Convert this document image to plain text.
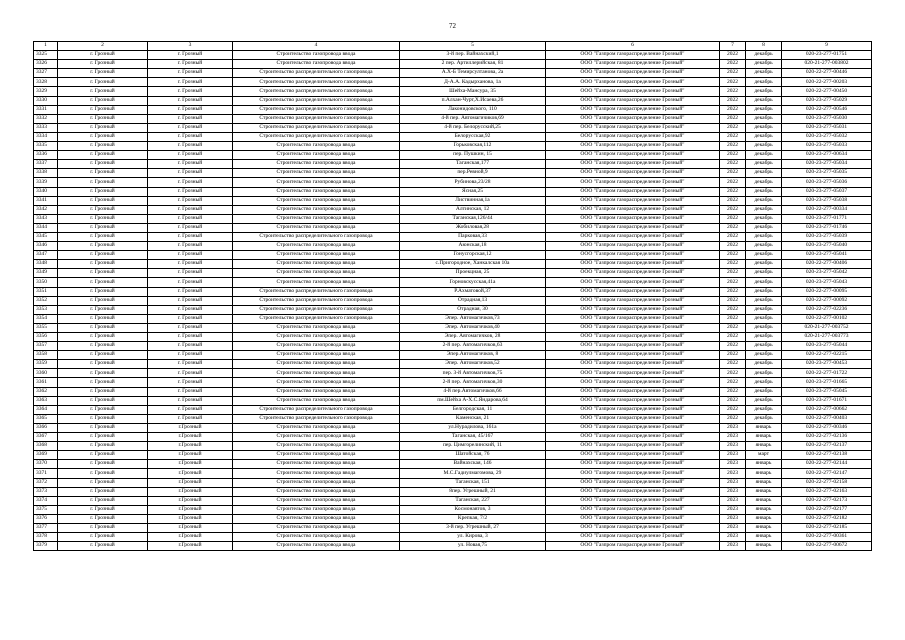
72
1	2	3	4	5	6	7	8	9
3325	г. Грозный	г. Грозный	Строительство газопровода ввода	3-й пер. Вайнахский,1	ООО "Газпром газораспределение Грозный"	2022	декабрь	020-23-277-01751
3326	г. Грозный	г. Грозный	Строительство газопровода ввода	2 пер. Артиллерийская, 81	ООО "Газпром газораспределение Грозный"	2022	декабрь	020-21-277-003802
3327	г. Грозный	г. Грозный	Строительство распределительного газопровода	А.Х-Б Темирсултанова, 2а	ООО "Газпром газораспределение Грозный"	2022	декабрь	020-22-277-00446
3328	г. Грозный	г. Грозный	Строительство распределительного газопровода	Д-А.А. Кадырханова, 1а	ООО "Газпром газораспределение Грозный"	2022	декабрь	020-22-277-00203
3329	г. Грозный	г. Грозный	Строительство распределительного газопровода	Шейха-Мансура, 35	ООО "Газпром газораспределение Грозный"	2022	декабрь	020-22-277-00450
3330	г. Грозный	г. Грозный	Строительство распределительного газопровода	п.Алхан-Чурт,Х.Исаева,26	ООО "Газпром газораспределение Грозный"	2022	декабрь	020-23-277-05029
3331	г. Грозный	г. Грозный	Строительство распределительного газопровода	Лаконидовского, 110	ООО "Газпром газораспределение Грозный"	2022	декабрь	020-22-277-00546
3332	г. Грозный	г. Грозный	Строительство распределительного газопровода	4-й пер. Автомагичиков,69	ООО "Газпром газораспределение Грозный"	2022	декабрь	020-23-277-05030
3333	г. Грозный	г. Грозный	Строительство распределительного газопровода	4-й пер. Белорусский,25	ООО "Газпром газораспределение Грозный"	2022	декабрь	020-23-277-05031
3334	г. Грозный	г. Грозный	Строительство распределительного газопровода	Белорусская,92	ООО "Газпром газораспределение Грозный"	2022	декабрь	020-23-277-05032
3335	г. Грозный	г. Грозный	Строительство газопровода ввода	Горьковская,112	ООО "Газпром газораспределение Грозный"	2022	декабрь	020-23-277-05033
3336	г. Грозный	г. Грозный	Строительство газопровода ввода	пер. Пушкин, 15	ООО "Газпром газораспределение Грозный"	2022	декабрь	020-23-277-00634
3337	г. Грозный	г. Грозный	Строительство газопровода ввода	Таганская,177	ООО "Газпром газораспределение Грозный"	2022	декабрь	020-23-277-05034
3338	г. Грозный	г. Грозный	Строительство газопровода ввода	пер.Ревной,9	ООО "Газпром газораспределение Грозный"	2022	декабрь	020-23-277-05035
3339	г. Грозный	г. Грозный	Строительство газопровода ввода	Рубинова,23/28	ООО "Газпром газораспределение Грозный"	2022	декабрь	020-23-277-05036
3340	г. Грозный	г. Грозный	Строительство газопровода ввода	Ясная,25	ООО "Газпром газораспределение Грозный"	2022	декабрь	020-23-277-05037
3341	г. Грозный	г. Грозный	Строительство газопровода ввода	Листвинная,1а	ООО "Газпром газораспределение Грозный"	2022	декабрь	020-23-277-05038
3342	г. Грозный	г. Грозный	Строительство газопровода ввода	Алтинская, 12	ООО "Газпром газораспределение Грозный"	2022	декабрь	020-22-277-00334
3343	г. Грозный	г. Грозный	Строительство газопровода ввода	Таганская,126/44	ООО "Газпром газораспределение Грозный"	2022	декабрь	020-23-277-01771
3344	г. Грозный	г. Грозный	Строительство газопровода ввода	Жобиловая,28	ООО "Газпром газораспределение Грозный"	2022	декабрь	020-23-277-01746
3345	г. Грозный	г. Грозный	Строительство распределительного газопровода	Парковая,33	ООО "Газпром газораспределение Грозный"	2022	декабрь	020-23-277-05039
3346	г. Грозный	г. Грозный	Строительство газопровода ввода	Аюнская,18	ООО "Газпром газораспределение Грозный"	2022	декабрь	020-23-277-05040
3347	г. Грозный	г. Грозный	Строительство газопровода ввода	Гонусгорская,12	ООО "Газпром газораспределение Грозный"	2022	декабрь	020-23-277-05041
3348	г. Грозный	г. Грозный	Строительство газопровода ввода	с.Пригородное, Ханкалская 10а	ООО "Газпром газораспределение Грозный"	2022	декабрь	020-22-277-00406
3349	г. Грозный	г. Грозный	Строительство газопровода ввода	Проекцная, 25	ООО "Газпром газораспределение Грозный"	2022	декабрь	020-23-277-05042
3350	г. Грозный	г. Грозный	Строительство газопровода ввода	Горновскусская,41а	ООО "Газпром газораспределение Грозный"	2022	декабрь	020-23-277-05043
3351	г. Грозный	г. Грозный	Строительство распределительного газопровода	Р.Ахматовой,37	ООО "Газпром газораспределение Грозный"	2022	декабрь	020-22-277-00095
3352	г. Грозный	г. Грозный	Строительство распределительного газопровода	Отрадная,13	ООО "Газпром газораспределение Грозный"	2022	декабрь	020-22-277-00092
3353	г. Грозный	г. Грозный	Строительство распределительного газопровода	Отрадная, 30	ООО "Газпром газораспределение Грозный"	2022	декабрь	020-22-277-02236
3354	г. Грозный	г. Грозный	Строительство распределительного газопровода	Эпер. Автомагичков,73	ООО "Газпром газораспределение Грозный"	2022	декабрь	020-22-277-00102
3355	г. Грозный	г. Грозный	Строительство газопровода ввода	Эпер. Автомагичков,40	ООО "Газпром газораспределение Грозный"	2022	декабрь	020-21-277-003752
3356	г. Грозный	г. Грозный	Строительство газопровода ввода	Эпер. Автомагичков, 28	ООО "Газпром газораспределение Грозный"	2022	декабрь	020-21-277-003773
3357	г. Грозный	г. Грозный	Строительство газопровода ввода	2-й пер. Автомагичков,63	ООО "Газпром газораспределение Грозный"	2022	декабрь	020-23-277-05044
3358	г. Грозный	г. Грозный	Строительство газопровода ввода	Эпер.Автомагичков, 8	ООО "Газпром газораспределение Грозный"	2022	декабрь	020-22-277-02215
3359	г. Грозный	г. Грозный	Строительство газопровода ввода	Эпер. Автомагичков,52	ООО "Газпром газораспределение Грозный"	2022	декабрь	020-23-277-00453
3360	г. Грозный	г. Грозный	Строительство газопровода ввода	пер. 3-й Автомагичков,75	ООО "Газпром газораспределение Грозный"	2022	декабрь	020-22-277-01722
3361	г. Грозный	г. Грозный	Строительство газопровода ввода	2-й пер. Автомагичков,30	ООО "Газпром газораспределение Грозный"	2022	декабрь	020-23-277-01665
3362	г. Грозный	г. Грозный	Строительство газопровода ввода	4-й пер.Автомагичков,66	ООО "Газпром газораспределение Грозный"	2022	декабрь	020-23-277-05045
3363	г. Грозный	г. Грозный	Строительство газопровода ввода	пм.Шейха А-Х.С.Яндарова,64	ООО "Газпром газораспределение Грозный"	2022	декабрь	020-23-277-01671
3364	г. Грозный	г. Грозный	Строительство распределительного газопровода	Белгородская, 11	ООО "Газпром газораспределение Грозный"	2022	декабрь	020-22-277-00662
3365	г. Грозный	г. Грозный	Строительство распределительного газопровода	Каменская, 21	ООО "Газпром газораспределение Грозный"	2022	декабрь	020-22-277-00403
3366	г. Грозный	г.Грозный	Строительство газопровода ввода	ул.Нурадилова, 161а	ООО "Газпром газораспределение Грозный"	2023	январь	020-22-277-00346
3367	г. Грозный	г.Грозный	Строительство газопровода ввода	Таганская, 45/167	ООО "Газпром газораспределение Грозный"	2023	январь	020-22-277-02136
3368	г. Грозный	г.Грозный	Строительство газопровода ввода	пер. Цимгорелинский, 11	ООО "Газпром газораспределение Грозный"	2023	январь	020-22-277-02137
3369	г. Грозный	г.Грозный	Строительство газопровода ввода	Шатойская, 76	ООО "Газпром газораспределение Грозный"	2023	март	020-22-277-02138
3370	г. Грозный	г.Грозный	Строительство газопровода ввода	Вайнахская, 146	ООО "Газпром газораспределение Грозный"	2023	январь	020-22-277-02144
3371	г. Грозный	г.Грозный	Строительство газопровода ввода	М.С.Гадиулмагомова, 29	ООО "Газпром газораспределение Грозный"	2023	январь	020-22-277-02147
3372	г. Грозный	г.Грозный	Строительство газопровода ввода	Таганская, 151	ООО "Газпром газораспределение Грозный"	2023	январь	020-22-277-02158
3373	г. Грозный	г.Грозный	Строительство газопровода ввода	8пер. Угрешный, 21	ООО "Газпром газораспределение Грозный"	2023	январь	020-22-277-02163
3374	г. Грозный	г.Грозный	Строительство газопровода ввода	Таганская, 227	ООО "Газпром газораспределение Грозный"	2023	январь	020-22-277-02173
3375	г. Грозный	г.Грозный	Строительство газопровода ввода	Космонавтов, 3	ООО "Газпром газораспределение Грозный"	2023	январь	020-22-277-02177
3376	г. Грозный	г.Грозный	Строительство газопровода ввода	Крепкая, 7/2	ООО "Газпром газораспределение Грозный"	2023	январь	020-22-277-02182
3377	г. Грозный	г.Грозный	Строительство газопровода ввода	3-й пер. Угрешный, 27	ООО "Газпром газораспределение Грозный"	2023	январь	020-22-277-02185
3378	г. Грозный	г.Грозный	Строительство газопровода ввода	ул. Кирова, 3	ООО "Газпром газораспределение Грозный"	2023	январь	020-22-277-00361
3379	г. Грозный	г.Грозный	Строительство газопровода ввода	ул. Новая,75	ООО "Газпром газораспределение Грозный"	2023	январь	020-22-277-00672
